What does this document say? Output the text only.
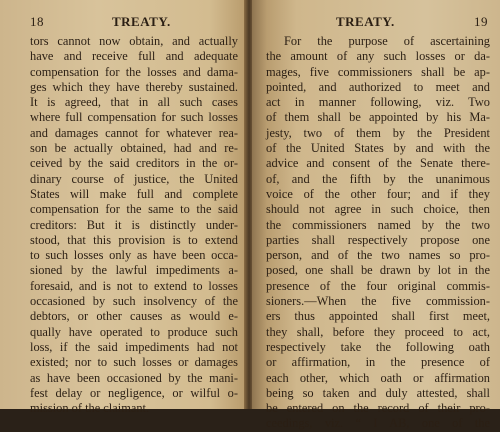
18	TREATY.
tors cannot now obtain, and actually
have and receive full and adequate
compensation for the losses and dama-
ges which they have thereby sustained.
It is agreed, that in all such cases
where full compensation for such losses
and damages cannot for whatever rea-
son be actually obtained, had and re-
ceived by the said creditors in the or-
dinary course of justice, the United
States will make full and complete
compensation for the same to the said
creditors: But it is distinctly under-
stood, that this provision is to extend
to such losses only as have been occa-
sioned by the lawful impediments a-
foresaid, and is not to extend to losses
occasioned by such insolvency of the
debtors, or other causes as would e-
qually have operated to produce such
loss, if the said impediments had not
existed; nor to such losses or damages
as have been occasioned by the mani-
fest delay or negligence, or wilful o-
mission of the claimant.
TREATY.	19
For the purpose of ascertaining
the amount of any such losses or da-
mages, five commissioners shall be ap-
pointed, and authorized to meet and
act in manner following, viz. Two
of them shall be appointed by his Ma-
jesty, two of them by the President
of the United States by and with the
advice and consent of the Senate there-
of, and the fifth by the unanimous
voice of the other four; and if they
should not agree in such choice, then
the commissioners named by the two
parties shall respectively propose one
person, and of the two names so pro-
posed, one shall be drawn by lot in the
presence of the four original commis-
sioners.—When the five commission-
ers thus appointed shall first meet,
they shall, before they proceed to act,
respectively take the following oath
or affirmation, in the presence of
each other, which oath or affirmation
being so taken and duly attested, shall
be entered on the record of their pro-
ceedings, viz. “ I AB, one of the
